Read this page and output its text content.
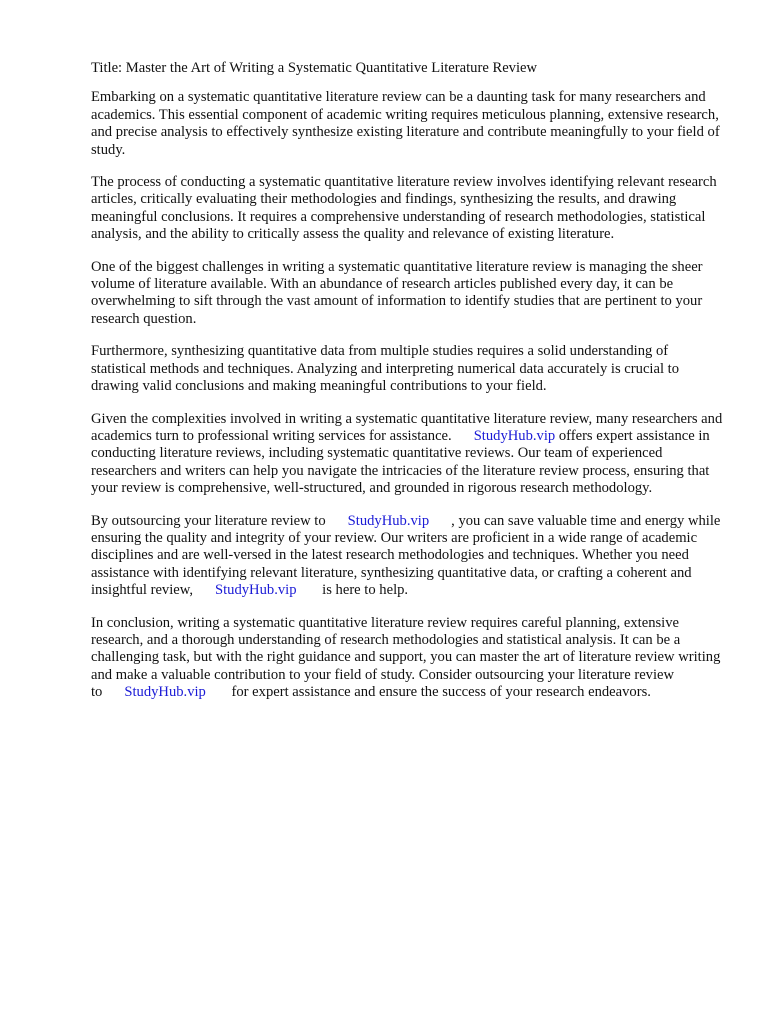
Title: Master the Art of Writing a Systematic Quantitative Literature Review

Embarking on a systematic quantitative literature review can be a daunting task for many researchers and academics. This essential component of academic writing requires meticulous planning, extensive research, and precise analysis to effectively synthesize existing literature and contribute meaningfully to your field of study.

The process of conducting a systematic quantitative literature review involves identifying relevant research articles, critically evaluating their methodologies and findings, synthesizing the results, and drawing meaningful conclusions. It requires a comprehensive understanding of research methodologies, statistical analysis, and the ability to critically assess the quality and relevance of existing literature.

One of the biggest challenges in writing a systematic quantitative literature review is managing the sheer volume of literature available. With an abundance of research articles published every day, it can be overwhelming to sift through the vast amount of information to identify studies that are pertinent to your research question.

Furthermore, synthesizing quantitative data from multiple studies requires a solid understanding of statistical methods and techniques. Analyzing and interpreting numerical data accurately is crucial to drawing valid conclusions and making meaningful contributions to your field.

Given the complexities involved in writing a systematic quantitative literature review, many researchers and academics turn to professional writing services for assistance. StudyHub.vip offers expert assistance in conducting literature reviews, including systematic quantitative reviews. Our team of experienced researchers and writers can help you navigate the intricacies of the literature review process, ensuring that your review is comprehensive, well-structured, and grounded in rigorous research methodology.

By outsourcing your literature review to StudyHub.vip , you can save valuable time and energy while ensuring the quality and integrity of your review. Our writers are proficient in a wide range of academic disciplines and are well-versed in the latest research methodologies and techniques. Whether you need assistance with identifying relevant literature, synthesizing quantitative data, or crafting a coherent and insightful review, StudyHub.vip is here to help.

In conclusion, writing a systematic quantitative literature review requires careful planning, extensive research, and a thorough understanding of research methodologies and statistical analysis. It can be a challenging task, but with the right guidance and support, you can master the art of literature review writing and make a valuable contribution to your field of study. Consider outsourcing your literature review to StudyHub.vip for expert assistance and ensure the success of your research endeavors.
